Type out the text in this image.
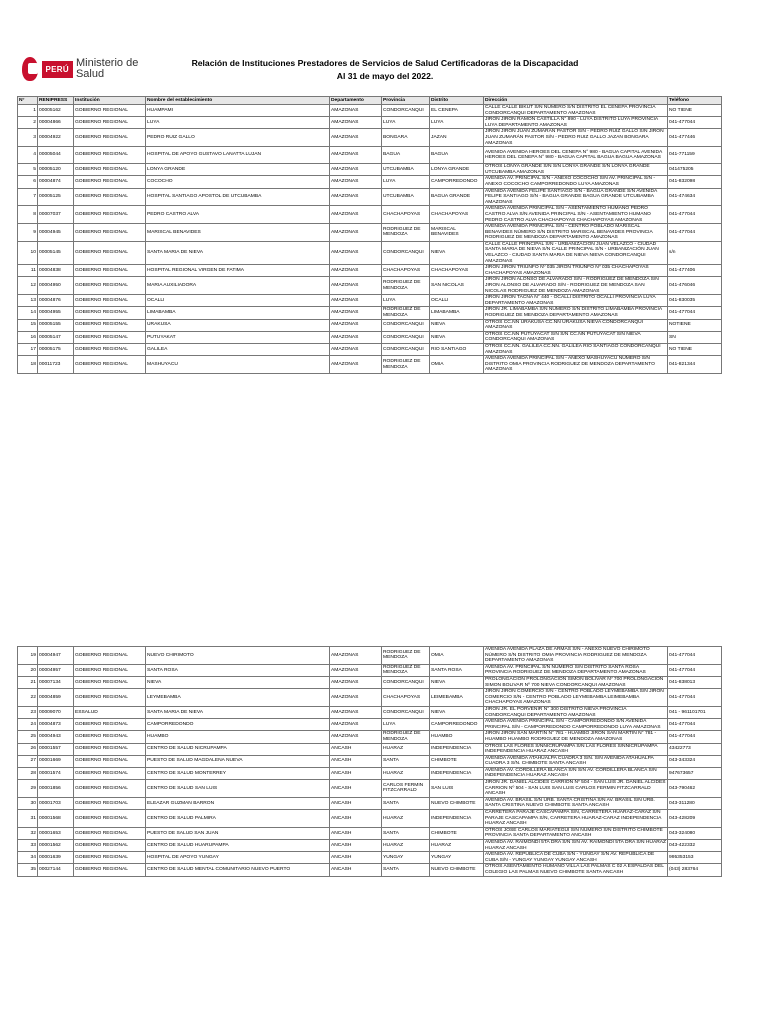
PERÚ Ministerio de Salud
Relación de Instituciones Prestadores de Servicios de Salud Certificadoras de la Discapacidad
Al 31 de mayo del 2022.
N°	RENIPRESS	Institución	Nombre del establecimiento	Departamento	Provincia	Distrito	Dirección	Teléfono
1	00005162	GOBIERNO REGIONAL	HUAMPAMI	AMAZONAS	CONDORCANQUI	EL CENEPA	CALLE CALLE BIKUT S/N NÚMERO S/N DISTRITO EL CENEPA PROVINCIA CONDORCANQUI DEPARTAMENTO AMAZONAS	NO TIENE
2	00004866	GOBIERNO REGIONAL	LUYA	AMAZONAS	LUYA	LUYA	JIRÓN JIRÓN RAMÓN CASTILLA N° 890 - LUYA DISTRITO LUYA PROVINCIA LUYA DEPARTAMENTO AMAZONAS	041-477044
3	00004922	GOBIERNO REGIONAL	PEDRO RUIZ GALLO	AMAZONAS	BONGARA	JAZAN	JIRÓN JIRÓN JUAN ZUMARÁN PASTOR S/N - PEDRO RUIZ GALLO S/N JIRÓN JUAN ZUMARÁN PASTOR S/N - PEDRO RUIZ GALLO JAZAN BONGARA AMAZONAS	041-477446
4	00005044	GOBIERNO REGIONAL	HOSPITAL DE APOYO GUSTAVO LANATTA LUJAN	AMAZONAS	BAGUA	BAGUA	AVENIDA AVENIDA HEROES DEL CENEPA N° 980 - BAGUA CAPITAL AVENIDA HEROES DEL CENEPA N° 980 - BAGUA CAPITAL BAGUA BAGUA AMAZONAS	041-771159
5	00005120	GOBIERNO REGIONAL	LONYA GRANDE	AMAZONAS	UTCUBAMBA	LONYA GRANDE	OTROS LONYA GRANDE S/N S/N LONYA GRANDE S/N LONYA GRANDE UTCUBAMBA AMAZONAS	041475205
6	00004874	GOBIERNO REGIONAL	COCOCHO	AMAZONAS	LUYA	CAMPORREDONDO	AVENIDA AV. PRINCIPAL S/N - ANEXO COCOCHO S/N AV. PRINCIPAL S/N - ANEXO COCOCHO CAMPORREDONDO LUYA AMAZONAS	041-832098
7	00005125	GOBIERNO REGIONAL	HOSPITAL SANTIAGO APOSTOL DE UTCUBAMBA	AMAZONAS	UTCUBAMBA	BAGUA GRANDE	AVENIDA AVENIDA FELIPE SANTIAGO S/N - BAGUA GRANDE S/N AVENIDA FELIPE SANTIAGO S/N - BAGUA GRANDE BAGUA GRANDE UTCUBAMBA AMAZONAS	041-474634
8	00007037	GOBIERNO REGIONAL	PEDRO CASTRO ALVA	AMAZONAS	CHACHAPOYAS	CHACHAPOYAS	AVENIDA AVENIDA PRINCIPAL S/N - ASENTAMIENTO HUMANO PEDRO CASTRO ALVA S/N AVENIDA PRINCIPAL S/N - ASENTAMIENTO HUMANO PEDRO CASTRO ALVA CHACHAPOYAS CHACHAPOYAS AMAZONAS	041-477044
9	00004945	GOBIERNO REGIONAL	MARISCAL BENAVIDES	AMAZONAS	RODRIGUEZ DE MENDOZA	MARISCAL BENAVIDES	AVENIDA AVENIDA PRINCIPAL S/N - CENTRO POBLADO MARISCAL BENAVIDES NÚMERO S/N DISTRITO MARISCAL BENAVIDES PROVINCIA RODRIGUEZ DE MENDOZA DEPARTAMENTO AMAZONAS	041-477044
10	00005145	GOBIERNO REGIONAL	SANTA MARIA DE NIEVA	AMAZONAS	CONDORCANQUI	NIEVA	CALLE CALLE PRINCIPAL S/N - URBANIZACIÓN JUAN VELAZCO - CIUDAD SANTA MARIA DE NIEVA S/N CALLE PRINCIPAL S/N - URBANIZACIÓN JUAN VELAZCO - CIUDAD SANTA MARIA DE NIEVA NIEVA CONDORCANQUI AMAZONAS	s/n
11	00004838	GOBIERNO REGIONAL	HOSPITAL REGIONAL VIRGEN DE FATIMA	AMAZONAS	CHACHAPOYAS	CHACHAPOYAS	JIRÓN JIRON TRIUNFO Nº 035 JIRON TRIUNFO Nº 035 CHACHAPOYAS CHACHAPOYAS AMAZONAS	041-477406
12	00004950	GOBIERNO REGIONAL	MARIA AUXILIADORA	AMAZONAS	RODRIGUEZ DE MENDOZA	SAN NICOLAS	JIRÓN JIRON ALONSO DE ALVARADO S/N - RODRIGUEZ DE MENDOZA S/N JIRON ALONSO DE ALVARADO S/N - RODRIGUEZ DE MENDOZA SAN NICOLAS RODRIGUEZ DE MENDOZA AMAZONAS	041-476046
13	00004876	GOBIERNO REGIONAL	OCALLI	AMAZONAS	LUYA	OCALLI	JIRÓN JIRÓN TACNA N° 440 - OCALLI DISTRITO OCALLI PROVINCIA LUYA DEPARTAMENTO AMAZONAS	041-830035
14	00004955	GOBIERNO REGIONAL	LIMABAMBA	AMAZONAS	RODRIGUEZ DE MENDOZA	LIMABAMBA	JIRÓN JR. LIMABAMBA S/N NÚMERO S/N DISTRITO LIMABAMBA PROVINCIA RODRIGUEZ DE MENDOZA DEPARTAMENTO AMAZONAS	041-477044
15	00005155	GOBIERNO REGIONAL	URAKUSA	AMAZONAS	CONDORCANQUI	NIEVA	OTROS CC.NN URAKUSA CC.NN URAKUSA NIEVA CONDORCANQUI AMAZONAS	NOTIENE
16	00005147	GOBIERNO REGIONAL	PUTUYAKAT	AMAZONAS	CONDORCANQUI	NIEVA	OTROS CC.NN PUTUYACAT S/N S/N CC.NN PUTUYACAT S/N NIEVA CONDORCANQUI AMAZONAS	SN
17	00005175	GOBIERNO REGIONAL	GALILEA	AMAZONAS	CONDORCANQUI	RIO SANTIAGO	OTROS CC.NN. GALILEA CC.NN. GALILEA RIO SANTIAGO CONDORCANQUI AMAZONAS	NO TIENE
18	00011723	GOBIERNO REGIONAL	MASHUYACU	AMAZONAS	RODRIGUEZ DE MENDOZA	OMIA	AVENIDA AVENIDA PRINCIPAL S/N - ANEXO MASHUYACU NÚMERO S/N DISTRITO OMIA PROVINCIA RODRIGUEZ DE MENDOZA DEPARTAMENTO AMAZONAS	041-821344
19	00004947	GOBIERNO REGIONAL	NUEVO CHIRIMOTO	AMAZONAS	RODRIGUEZ DE MENDOZA	OMIA	AVENIDA AVENIDA PLAZA DE ARMAS S/N - ANEXO NUEVO CHIRIMOTO NÚMERO S/N DISTRITO OMIA PROVINCIA RODRIGUEZ DE MENDOZA DEPARTAMENTO AMAZONAS	041-477044
20	00004957	GOBIERNO REGIONAL	SANTA ROSA	AMAZONAS	RODRIGUEZ DE MENDOZA	SANTA ROSA	AVENIDA AV. PRINCIPAL S/N NÚMERO S/N DISTRITO SANTA ROSA PROVINCIA RODRIGUEZ DE MENDOZA DEPARTAMENTO AMAZONAS	041-477044
21	00007134	GOBIERNO REGIONAL	NIEVA	AMAZONAS	CONDORCANQUI	NIEVA	PROLONGACIÓN PROLONGACION SIMON BOLIVAR Nº 700 PROLONGACION SIMON BOLIVAR Nº 700 NIEVA CONDORCANQUI AMAZONAS	041-838013
22	00004859	GOBIERNO REGIONAL	LEYMEBAMBA	AMAZONAS	CHACHAPOYAS	LEIMEBAMBA	JIRÓN JIRÓN COMERCIO S/N - CENTRO POBLADO LEYMEBAMBA S/N JIRÓN COMERCIO S/N - CENTRO POBLADO LEYMEBAMBA LEIMEBAMBA CHACHAPOYAS AMAZONAS	041-477044
23	00009070	ESSALUD	SANTA MARIA DE NIEVA	AMAZONAS	CONDORCANQUI	NIEVA	JIRÓN JR. EL PORVENIR N° 300 DISTRITO NIEVA PROVINCIA CONDORCANQUI DEPARTAMENTO AMAZONAS	041 - 961101701
24	00004873	GOBIERNO REGIONAL	CAMPORREDONDO	AMAZONAS	LUYA	CAMPORREDONDO	AVENIDA AVENIDA PRINCIPAL S/N - CAMPORREDONDO S/N AVENIDA PRINCIPAL S/N - CAMPORREDONDO CAMPORREDONDO LUYA AMAZONAS	041-477044
25	00004943	GOBIERNO REGIONAL	HUAMBO	AMAZONAS	RODRIGUEZ DE MENDOZA	HUAMBO	JIRÓN JIRON SAN MARTIN N° 781 - HUAMBO JIRON SAN MARTIN N° 781 - HUAMBO HUAMBO RODRIGUEZ DE MENDOZA AMAZONAS	041-477044
26	00001557	GOBIERNO REGIONAL	CENTRO DE SALUD NICRUPAMPA	ANCASH	HUARAZ	INDEPENDENCIA	OTROS LAS FLORES S/NNICRUPAMPA S/N LAS FLORES S/NNICRUPAMPA INDEPENDENCIA HUARAZ ANCASH	43422773
27	00001669	GOBIERNO REGIONAL	PUESTO DE SALUD MAGDALENA NUEVA	ANCASH	SANTA	CHIMBOTE	AVENIDA AVENIDA ATAHUALPA CUADRA 3 S/N. S/N AVENIDA ATAHUALPA CUADRA 3 S/N. CHIMBOTE SANTA ANCASH	043-343324
28	00001574	GOBIERNO REGIONAL	CENTRO DE SALUD MONTERREY	ANCASH	HUARAZ	INDEPENDENCIA	AVENIDA AV. CORDILLERA BLANCA S/N S/N AV. CORDILLERA BLANCA S/N INDEPENDENCIA HUARAZ ANCASH	947673657
29	00001856	GOBIERNO REGIONAL	CENTRO DE SALUD SAN LUIS	ANCASH	CARLOS FERMIN FITZCARRALD	SAN LUIS	JIRÓN JR. DANIEL ALCIDES CARRION Nº 504 - SAN LUIS JR. DANIEL ALCIDES CARRION Nº 504 - SAN LUIS SAN LUIS CARLOS FERMIN FITZCARRALD ANCASH	043-790462
30	00001703	GOBIERNO REGIONAL	ELEAZAR GUZMAN BARRON	ANCASH	SANTA	NUEVO CHIMBOTE	AVENIDA AV. BRASIL S/N URB. SANTA CRISTINA S/N AV. BRASIL S/N URB. SANTA CRISTINA NUEVO CHIMBOTE SANTA ANCASH	043-311280
31	00001568	GOBIERNO REGIONAL	CENTRO DE SALUD PALMIRA	ANCASH	HUARAZ	INDEPENDENCIA	CARRETERA PARAJE CASCAPAMPA S/N, CARRETERA HUARAZ-CARAZ S/N PARAJE CASCAPAMPA S/N, CARRETERA HUARAZ-CARAZ INDEPENDENCIA HUARAZ ANCASH	043-428209
32	00001653	GOBIERNO REGIONAL	PUESTO DE SALUD SAN JUAN	ANCASH	SANTA	CHIMBOTE	OTROS JOSE CARLOS MARIATEGUI S/N NÚMERO S/N DISTRITO CHIMBOTE PROVINCIA SANTA DEPARTAMENTO ANCASH	043-324080
33	00001562	GOBIERNO REGIONAL	CENTRO DE SALUD HUARUPAMPA	ANCASH	HUARAZ	HUARAZ	AVENIDA AV. RAIMONDI 5TA DRA S/N S/N AV. RAIMONDI 5TA DRA S/N HUARAZ HUARAZ ANCASH	043-422332
34	00001639	GOBIERNO REGIONAL	HOSPITAL DE APOYO YUNGAY	ANCASH	YUNGAY	YUNGAY	AVENIDA AV. REPUBLICA DE CUBA S/N - YUNGAY S/N AV. REPUBLICA DE CUBA S/N - YUNGAY YUNGAY YUNGAY ANCASH	995353153
35	00027144	GOBIERNO REGIONAL	CENTRO DE SALUD MENTAL COMUNITARIO NUEVO PUERTO	ANCASH	SANTA	NUEVO CHIMBOTE	OTROS ASENTAMIENTO HUMANO VILLA LAS PALMAS C 02 A ESPALDAS DEL COLEGIO LAS PALMAS NUEVO CHIMBOTE SANTA ANCASH	(043) 283764
